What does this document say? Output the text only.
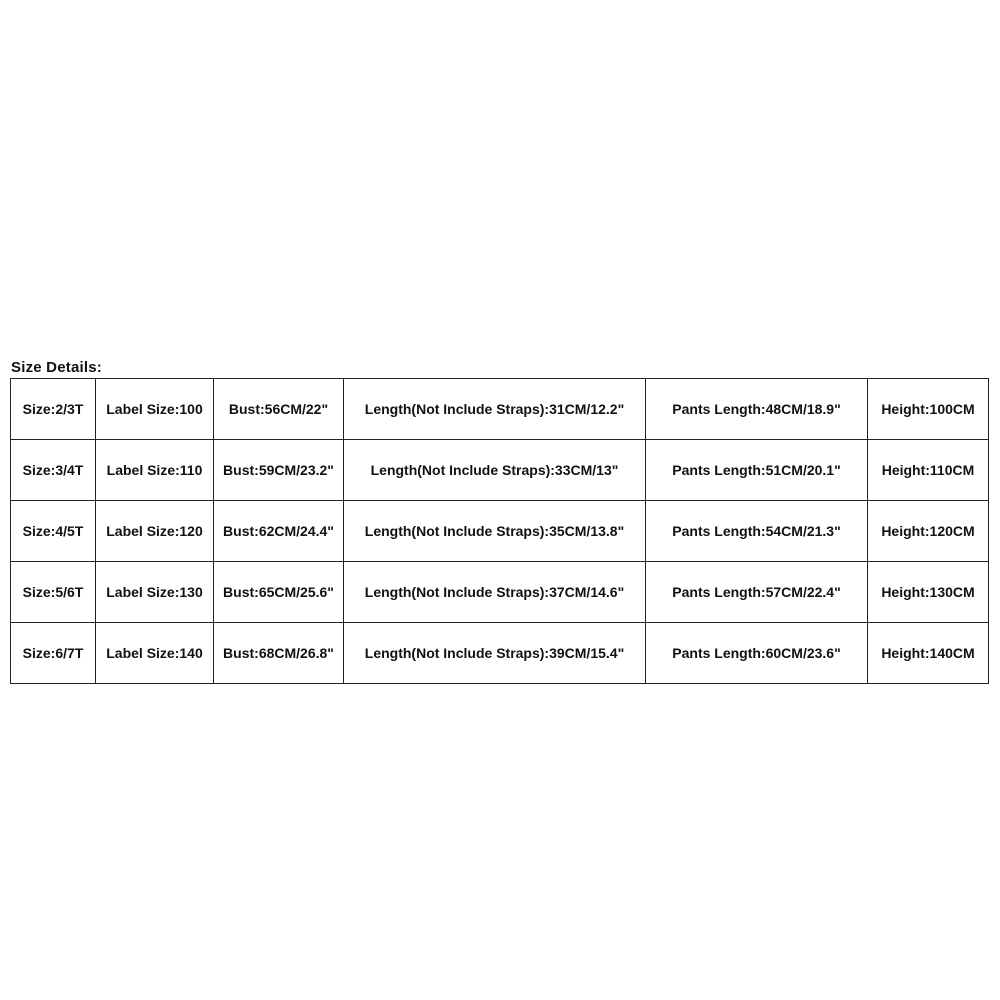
Size Details:
Size:2/3T	Label Size:100	Bust:56CM/22"	Length(Not Include Straps):31CM/12.2"	Pants Length:48CM/18.9"	Height:100CM
Size:3/4T	Label Size:110	Bust:59CM/23.2"	Length(Not Include Straps):33CM/13"	Pants Length:51CM/20.1"	Height:110CM
Size:4/5T	Label Size:120	Bust:62CM/24.4"	Length(Not Include Straps):35CM/13.8"	Pants Length:54CM/21.3"	Height:120CM
Size:5/6T	Label Size:130	Bust:65CM/25.6"	Length(Not Include Straps):37CM/14.6"	Pants Length:57CM/22.4"	Height:130CM
Size:6/7T	Label Size:140	Bust:68CM/26.8"	Length(Not Include Straps):39CM/15.4"	Pants Length:60CM/23.6"	Height:140CM
